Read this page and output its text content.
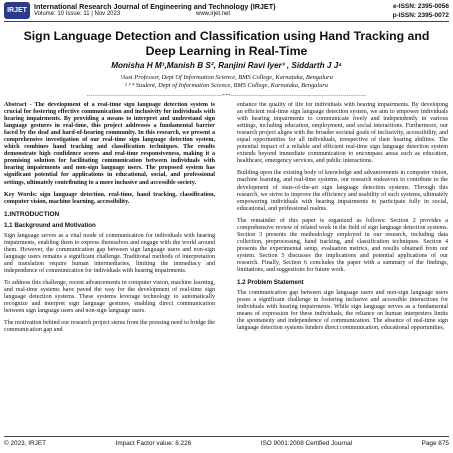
IRJET International Research Journal of Engineering and Technology (IRJET)
Volume: 10 Issue: 11 | Nov 2023	www.irjet.net
e-ISSN: 2395-0056
p-ISSN: 2395-0072
Sign Language Detection and Classification using Hand Tracking and
Deep Learning in Real-Time
Monisha H M¹,Manish B S², Ranjini Ravi Iyer³ , Siddarth J J⁴
¹Asst Professor, Dept Of Information Science, BMS College, Karnataka, Bengaluru
² ³ ⁴ Student, Dept of Information Science, BMS College, Karnataka, Bengaluru
---------------------------------------------------------------------***---------------------------------------------------------------------

Abstract - The development of a real-time sign language detection system is crucial for fostering effective communication and inclusivity for individuals with hearing impairments. By providing a means to interpret and understand sign language gestures in real-time, this project addresses a fundamental barrier faced by the deaf and hard-of-hearing community. In this research, we present a comprehensive investigation of our real-time sign language detection system, which combines hand tracking and classification techniques. The results demonstrate high confidence scores and real-time responsiveness, making it a promising solution for facilitating communication between individuals with hearing impairments and non-sign language users. The proposed system has significant potential for applications in educational, social, and professional settings, ultimately contributing to a more inclusive and accessible society.

Key Words: sign language detection, real-time, hand tracking, classification, computer vision, machine learning, accessibility.

1.INTRODUCTION
1.1 Background and Motivation

Sign language serves as a vital mode of communication for individuals with hearing impairments, enabling them to express themselves and engage with the world around them. However, the communication gap between sign language users and non-sign language users remains a significant challenge. Traditional methods of interpretation and translation require human intermediaries, limiting the immediacy and independence of communication for individuals with hearing impairments.

To address this challenge, recent advancements in computer vision, machine learning, and real-time systems have paved the way for the development of real-time sign language detection systems. These systems leverage technology to automatically recognize and interpret sign language gestures, enabling direct communication between sign language users and non-sign language users.

The motivation behind our research project stems from the pressing need to bridge the communication gap and

enhance the quality of life for individuals with hearing impairments. By developing an efficient real-time sign language detection system, we aim to empower individuals with hearing impairments to communicate freely and independently in various settings, including education, employment, and social interactions. Furthermore, our research project aligns with the broader societal goals of inclusivity, accessibility, and equal opportunities for all individuals, irrespective of their hearing abilities. The potential impact of a reliable and efficient real-time sign language detection system extends beyond immediate communication to encompass areas such as education, healthcare, emergency services, and public interactions.

Building upon the existing body of knowledge and advancements in computer vision, machine learning, and real-time systems, our research endeavors to contribute to the development of state-of-the-art sign language detection systems. Through this research, we strive to improve the efficiency and usability of such systems, ultimately empowering individuals with hearing impairments to participate fully in social, educational, and professional realms.

The remainder of this paper is organized as follows: Section 2 provides a comprehensive review of related work in the field of sign language detection systems. Section 3 presents the methodology employed in our research, including data collection, preprocessing, hand tracking, and classification techniques. Section 4 presents the experimental setup, evaluation metrics, and results obtained from our system. Section 5 discusses the implications and potential applications of our research. Finally, Section 6 concludes the paper with a summary of the findings, limitations, and suggestions for future work.

1.2 Problem Statement

The communication gap between sign language users and non-sign language users poses a significant challenge in fostering inclusive and accessible interactions for individuals with hearing impairments. While sign language serves as a fundamental means of expression for these individuals, the reliance on human interpreters limits the spontaneity and independence of communication. The absence of real-time sign language detection systems hinders direct communication, educational opportunities,

© 2023, IRJET	Impact Factor value: 8.226	ISO 9001:2008 Certified Journal	Page 875
